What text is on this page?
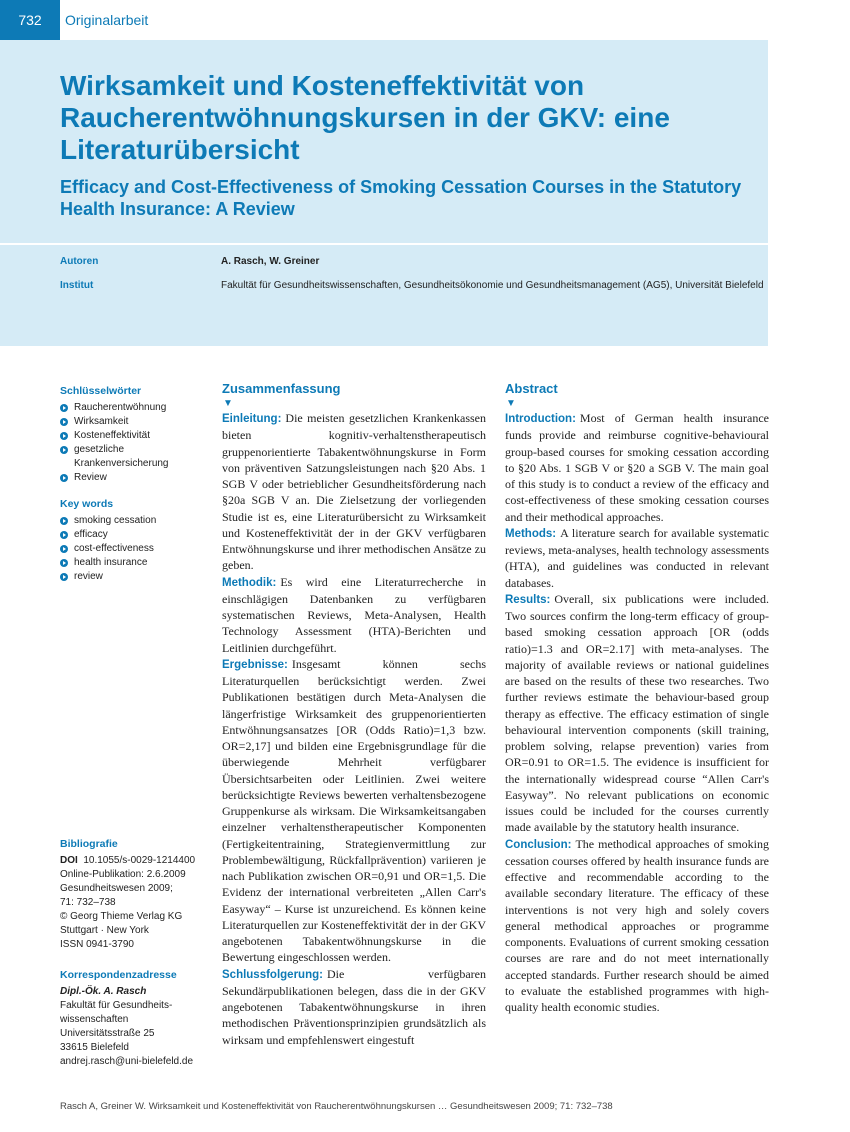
732	Originalarbeit
Wirksamkeit und Kosteneffektivität von Raucherentwöhnungskursen in der GKV: eine Literaturübersicht
Efficacy and Cost-Effectiveness of Smoking Cessation Courses in the Statutory Health Insurance: A Review
Autoren	A. Rasch, W. Greiner
Institut	Fakultät für Gesundheitswissenschaften, Gesundheitsökonomie und Gesundheitsmanagement (AG5), Universität Bielefeld
Schlüsselwörter
Raucherentwöhnung
Wirksamkeit
Kosteneffektivität
gesetzliche Krankenversicherung
Review
Key words
smoking cessation
efficacy
cost-effectiveness
health insurance
review
Bibliografie
DOI 10.1055/s-0029-1214400
Online-Publikation: 2.6.2009
Gesundheitswesen 2009;
71: 732–738
© Georg Thieme Verlag KG
Stuttgart · New York
ISSN 0941-3790
Korrespondenzadresse
Dipl.-Ök. A. Rasch
Fakultät für Gesundheits-
wissenschaften
Universitätsstraße 25
33615 Bielefeld
andrej.rasch@uni-bielefeld.de
Zusammenfassung
▼

Einleitung: Die meisten gesetzlichen Krankenkassen bieten kognitiv-verhaltenstherapeutisch gruppenorientierte Tabakentwöhnungskurse in Form von präventiven Satzungsleistungen nach §20 Abs. 1 SGB V oder betrieblicher Gesundheitsförderung nach §20a SGB V an. Die Zielsetzung der vorliegenden Studie ist es, eine Literaturübersicht zu Wirksamkeit und Kosteneffektivität der in der GKV verfügbaren Entwöhnungskurse und ihrer methodischen Ansätze zu geben.

Methodik: Es wird eine Literaturrecherche in einschlägigen Datenbanken zu verfügbaren systematischen Reviews, Meta-Analysen, Health Technology Assessment (HTA)-Berichten und Leitlinien durchgeführt.

Ergebnisse: Insgesamt können sechs Literaturquellen berücksichtigt werden. Zwei Publikationen bestätigen durch Meta-Analysen die längerfristige Wirksamkeit des gruppenorientierten Entwöhnungsansatzes [OR (Odds Ratio)=1,3 bzw. OR=2,17] und bilden eine Ergebnisgrundlage für die überwiegende Mehrheit verfügbarer Übersichtsarbeiten oder Leitlinien. Zwei weitere berücksichtigte Reviews bewerten verhaltensbezogene Gruppenkurse als wirksam. Die Wirksamkeitsangaben einzelner verhaltenstherapeutischer Komponenten (Fertigkeitentraining, Strategienvermittlung zur Problembewältigung, Rückfallprävention) variieren je nach Publikation zwischen OR=0,91 und OR=1,5. Die Evidenz der international verbreiteten „Allen Carr's Easyway“ – Kurse ist unzureichend. Es können keine Literaturquellen zur Kosteneffektivität der in der GKV angebotenen Tabakentwöhnungskurse in die Bewertung eingeschlossen werden.

Schlussfolgerung: Die verfügbaren Sekundärpublikationen belegen, dass die in der GKV angebotenen Tabakentwöhnungskurse in ihren methodischen Präventionsprinzipien grundsätzlich als wirksam und empfehlenswert eingestuft

Abstract
▼

Introduction: Most of German health insurance funds provide and reimburse cognitive-behavioural group-based courses for smoking cessation according to §20 Abs. 1 SGB V or §20 a SGB V. The main goal of this study is to conduct a review of the efficacy and cost-effectiveness of these smoking cessation courses and their methodical approaches.

Methods: A literature search for available systematic reviews, meta-analyses, health technology assessments (HTA), and guidelines was conducted in relevant databases.

Results: Overall, six publications were included. Two sources confirm the long-term efficacy of group-based smoking cessation approach [OR (odds ratio)=1.3 and OR=2.17] with meta-analyses. The majority of available reviews or national guidelines are based on the results of these two researches. Two further reviews estimate the behaviour-based group therapy as effective. The efficacy estimation of single behavioural intervention components (skill training, problem solving, relapse prevention) varies from OR=0.91 to OR=1.5. The evidence is insufficient for the internationally widespread course “Allen Carr's Easyway”. No relevant publications on economic issues could be included for the courses currently made available by the statutory health insurance.

Conclusion: The methodical approaches of smoking cessation courses offered by health insurance funds are effective and recommendable according to the available secondary literature. The efficacy of these interventions is not very high and solely covers general methodical approaches or programme components. Evaluations of current smoking cessation courses are rare and do not meet internationally accepted standards. Further research should be aimed to evaluate the established programmes with high-quality health economic studies.

Rasch A, Greiner W. Wirksamkeit und Kosteneffektivität von Raucherentwöhnungskursen … Gesundheitswesen 2009; 71: 732–738
